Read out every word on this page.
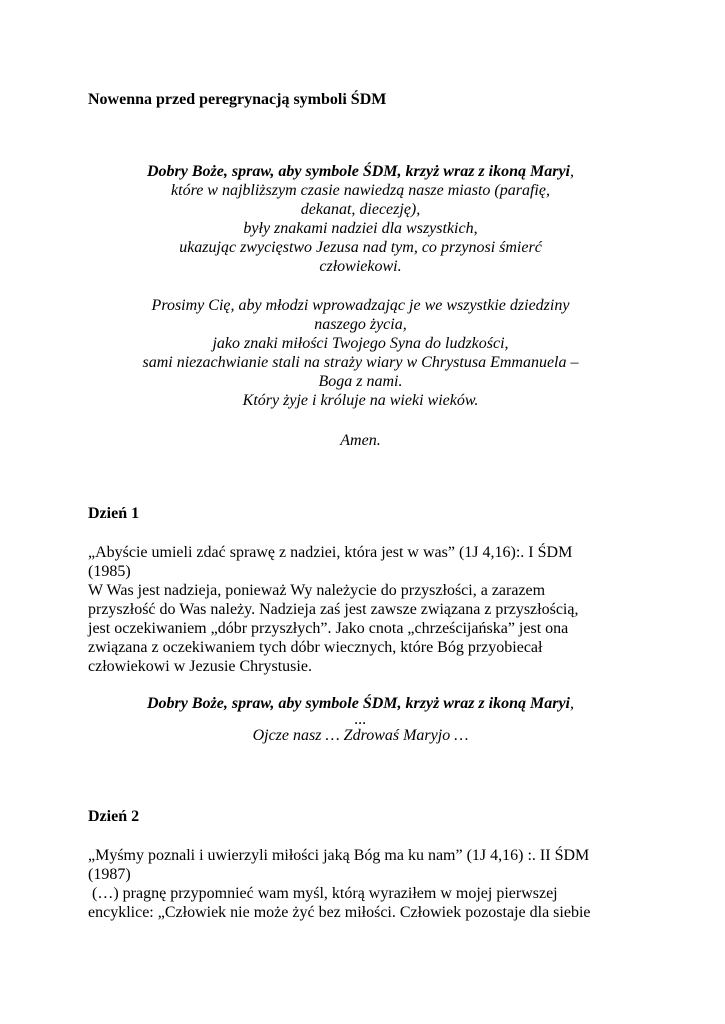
Nowenna przed peregrynacją symboli ŚDM
Dobry Boże, spraw, aby symbole ŚDM, krzyż wraz z ikoną Maryi,
które w najbliższym czasie nawiedzą nasze miasto (parafię,
dekanat, diecezję),
były znakami nadziei dla wszystkich,
ukazując zwycięstwo Jezusa nad tym, co przynosi śmierć
człowiekowi.
Prosimy Cię, aby młodzi wprowadzając je we wszystkie dziedziny
naszego życia,
jako znaki miłości Twojego Syna do ludzkości,
sami niezachwianie stali na straży wiary w Chrystusa Emmanuela –
Boga z nami.
Który żyje i króluje na wieki wieków.
Amen.
Dzień 1
„Abyście umieli zdać sprawę z nadziei, która jest w was” (1J 4,16):. I ŚDM
(1985)
W Was jest nadzieja, ponieważ Wy należycie do przyszłości, a zarazem
przyszłość do Was należy. Nadzieja zaś jest zawsze związana z przyszłością,
jest oczekiwaniem „dóbr przyszłych”. Jako cnota „chrześcijańska” jest ona
związana z oczekiwaniem tych dóbr wiecznych, które Bóg przyobiecał
człowiekowi w Jezusie Chrystusie.
Dobry Boże, spraw, aby symbole ŚDM, krzyż wraz z ikoną Maryi,
...
Ojcze nasz … Zdrowaś Maryjo …
Dzień 2
„Myśmy poznali i uwierzyli miłości jaką Bóg ma ku nam” (1J 4,16) :. II ŚDM
(1987)
(…) pragnę przypomnieć wam myśl, którą wyraziłem w mojej pierwszej
encyklice: „Człowiek nie może żyć bez miłości. Człowiek pozostaje dla siebie
